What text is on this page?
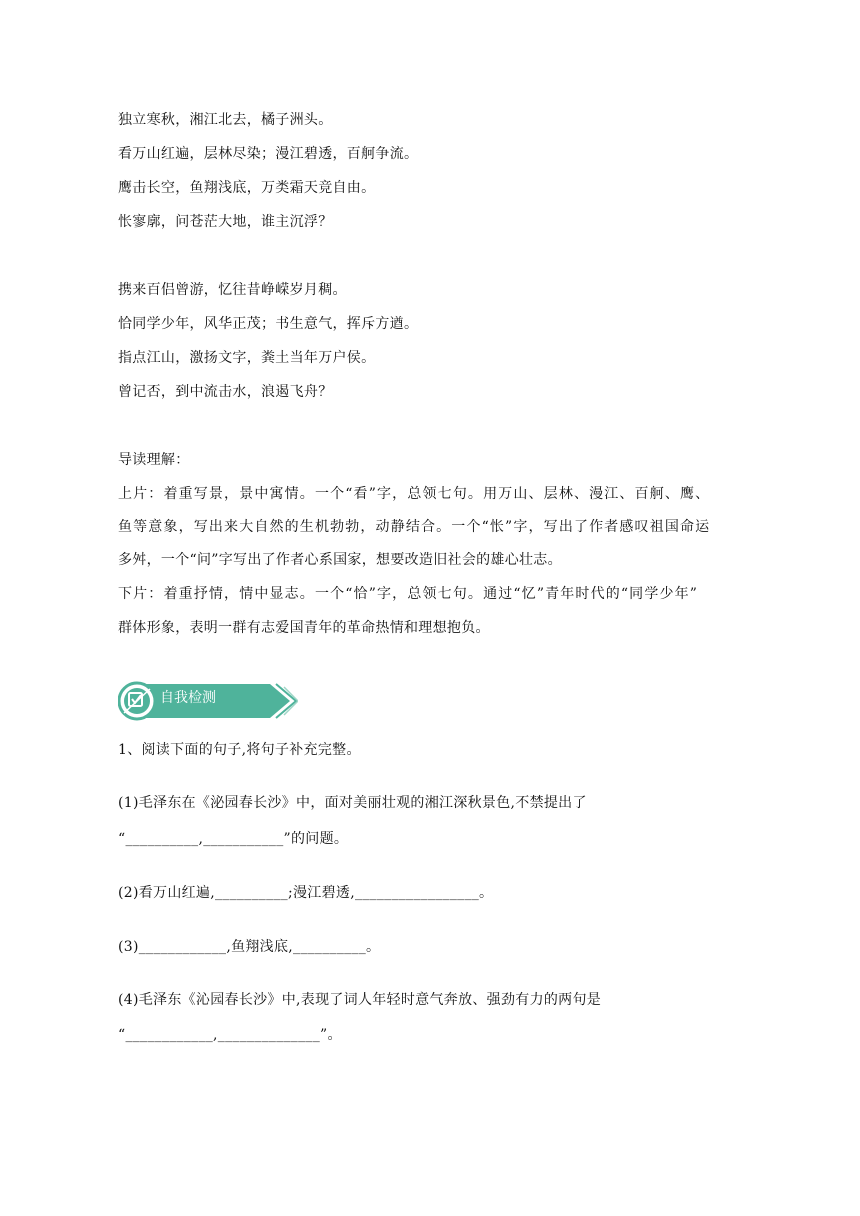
独立寒秋，湘江北去，橘子洲头。
看万山红遍，层林尽染；漫江碧透，百舸争流。
鹰击长空，鱼翔浅底，万类霜天竞自由。
怅寥廓，问苍茫大地，谁主沉浮？
携来百侣曾游，忆往昔峥嵘岁月稠。
恰同学少年，风华正茂；书生意气，挥斥方遒。
指点江山，激扬文字，粪土当年万户侯。
曾记否，到中流击水，浪遏飞舟？
导读理解：
上片：着重写景，景中寓情。一个“看”字，总领七句。用万山、层林、漫江、百舸、鹰、
鱼等意象，写出来大自然的生机勃勃，动静结合。一个“怅”字，写出了作者感叹祖国命运
多舛，一个“问”字写出了作者心系国家，想要改造旧社会的雄心壮志。
下片：着重抒情，情中显志。一个“恰”字，总领七句。通过“忆”青年时代的“同学少年”
群体形象，表明一群有志爱国青年的革命热情和理想抱负。
自我检测
1、阅读下面的句子,将句子补充完整。
(1)毛泽东在《泌园春长沙》中，面对美丽壮观的湘江深秋景色,不禁提出了
“__________,___________”的问题。
(2)看万山红遍,__________;漫江碧透,_________________。
(3)____________,鱼翔浅底,__________。
(4)毛泽东《沁园春长沙》中,表现了词人年轻时意气奔放、强劲有力的两句是
“____________,______________”。
